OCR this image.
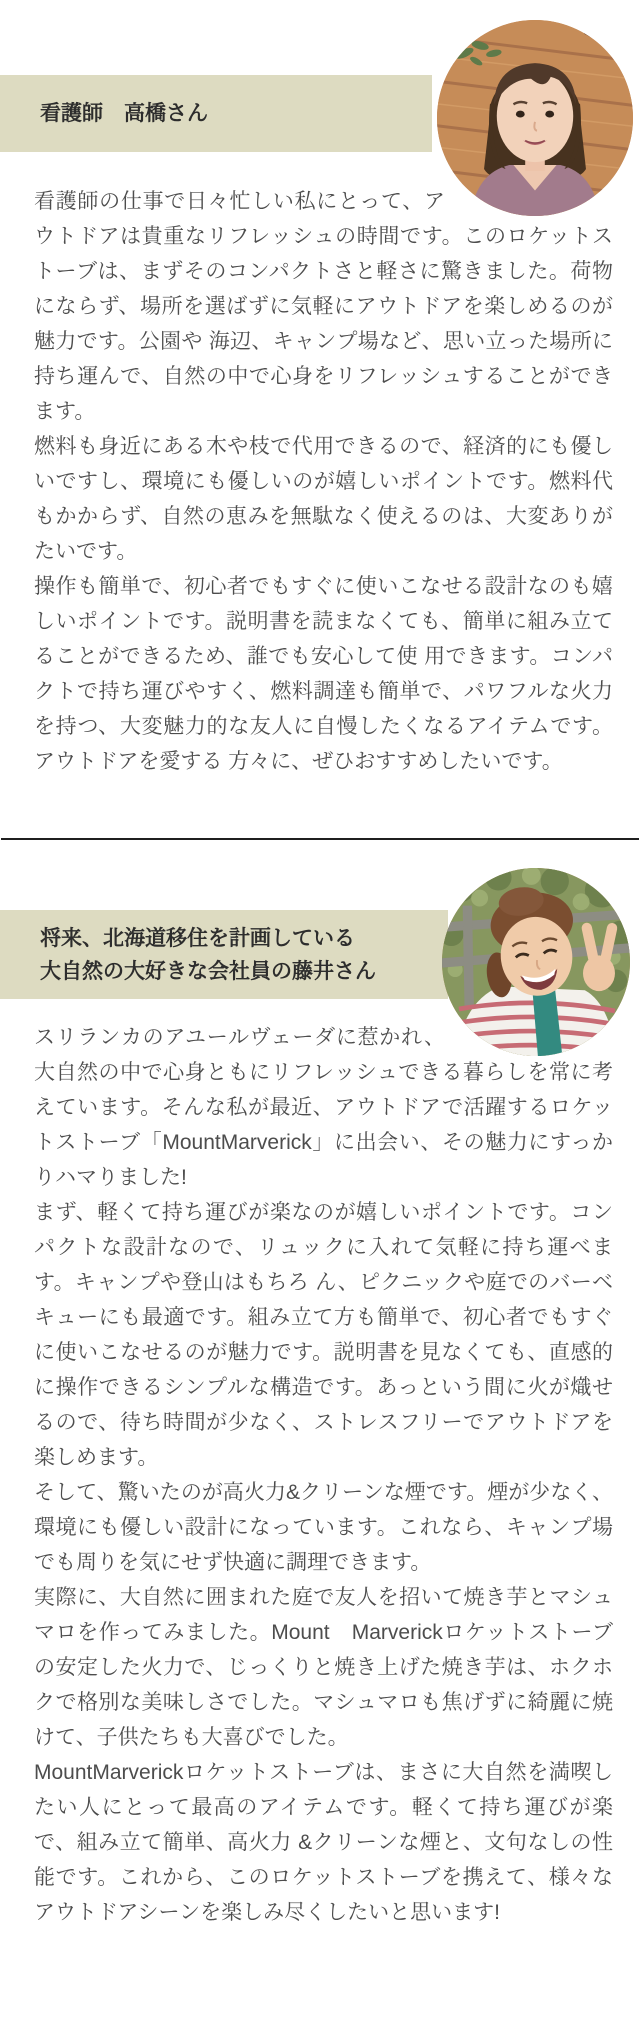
看護師　高橋さん

看護師の仕事で日々忙しい私にとって、アウトドアは貴重なリフレッシュの時間です。このロケットストーブは、まずそのコンパクトさと軽さに驚きました。荷物にならず、場所を選ばずに気軽にアウトドアを楽しめるのが魅力です。公園や 海辺、キャンプ場など、思い立った場所に持ち運んで、自然の中で心身をリフレッシュすることができます。

燃料も身近にある木や枝で代用できるので、経済的にも優しいですし、環境にも優しいのが嬉しいポイントです。燃料代もかからず、自然の恵みを無駄なく使えるのは、大変ありがたいです。

操作も簡単で、初心者でもすぐに使いこなせる設計なのも嬉しいポイントです。説明書を読まなくても、簡単に組み立てることができるため、誰でも安心して使 用できます。コンパクトで持ち運びやすく、燃料調達も簡単で、パワフルな火力　を持つ、大変魅力的な友人に自慢したくなるアイテムです。アウトドアを愛する 方々に、ぜひおすすめしたいです。

将来、北海道移住を計画している
大自然の大好きな会社員の藤井さん

スリランカのアユールヴェーダに惹かれ、大自然の中で心身ともにリフレッシュできる暮らしを常に考えています。そんな私が最近、アウトドアで活躍するロケットストーブ「MountMarverick」に出会い、その魅力にすっかりハマりました!

まず、軽くて持ち運びが楽なのが嬉しいポイントです。コンパクトな設計なので、リュックに入れて気軽に持ち運べます。キャンプや登山はもちろ ん、ピクニックや庭でのバーベキューにも最適です。組み立て方も簡単で、初心者でもすぐに使いこなせるのが魅力です。説明書を見なくても、直感的に操作できるシンプルな構造です。あっという間に火が熾せるので、待ち時間が少なく、ストレスフリーでアウトドアを楽しめます。

そして、驚いたのが高火力&クリーンな煙です。煙が少なく、環境にも優しい設計になっています。これなら、キャンプ場でも周りを気にせず快適に調理できます。

実際に、大自然に囲まれた庭で友人を招いて焼き芋とマシュマロを作ってみました。Mount　Marverickロケットストーブの安定した火力で、じっくりと焼き上げた焼き芋は、ホクホクで格別な美味しさでした。マシュマロも焦げずに綺麗に焼けて、子供たちも大喜びでした。

MountMarverickロケットストーブは、まさに大自然を満喫したい人にとって最高のアイテムです。軽くて持ち運びが楽で、組み立て簡単、高火力 &クリーンな煙と、文句なしの性能です。これから、このロケットストーブを携えて、様々なアウトドアシーンを楽しみ尽くしたいと思います!
